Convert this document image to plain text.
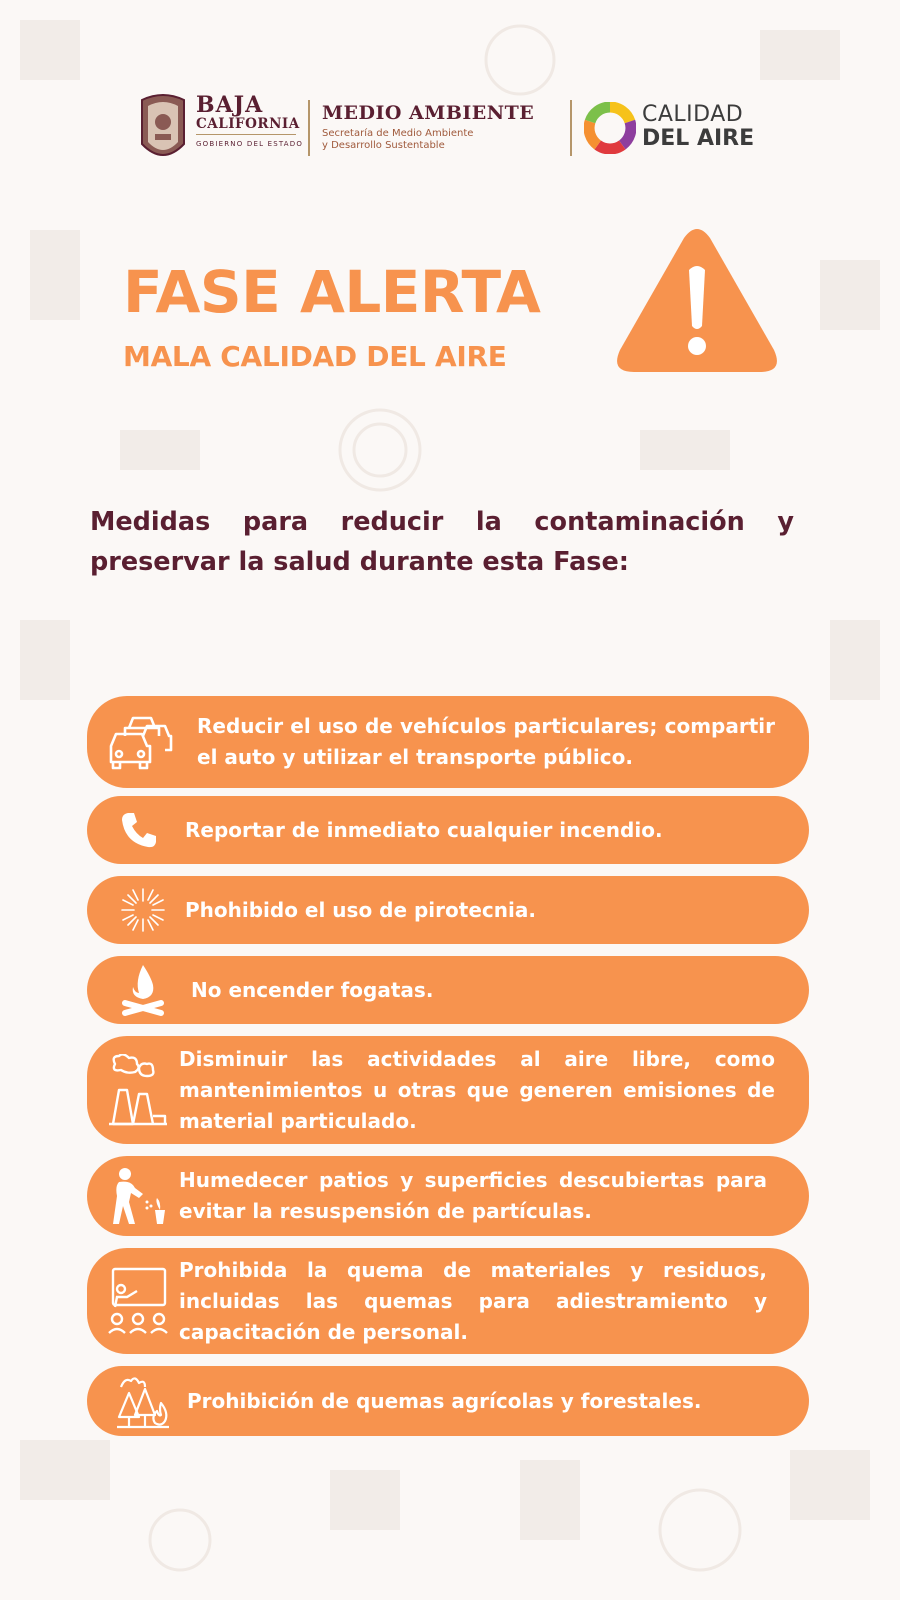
BAJA
CALIFORNIA
GOBIERNO DEL ESTADO
MEDIO AMBIENTE
Secretaría de Medio Ambiente
y Desarrollo Sustentable
CALIDAD
DEL AIRE
FASE ALERTA
MALA CALIDAD DEL AIRE

Medidas para reducir la contaminación y preservar la salud durante esta Fase:

Reducir el uso de vehículos particulares; compartir el auto y utilizar el transporte público.
Reportar de inmediato cualquier incendio.
Phohibido el uso de pirotecnia.
No encender fogatas.
Disminuir las actividades al aire libre, como mantenimientos u otras que generen emisiones de material particulado.
Humedecer patios y superficies descubiertas para evitar la resuspensión de partículas.
Prohibida la quema de materiales y residuos, incluidas las quemas para adiestramiento y capacitación de personal.
Prohibición de quemas agrícolas y forestales.
